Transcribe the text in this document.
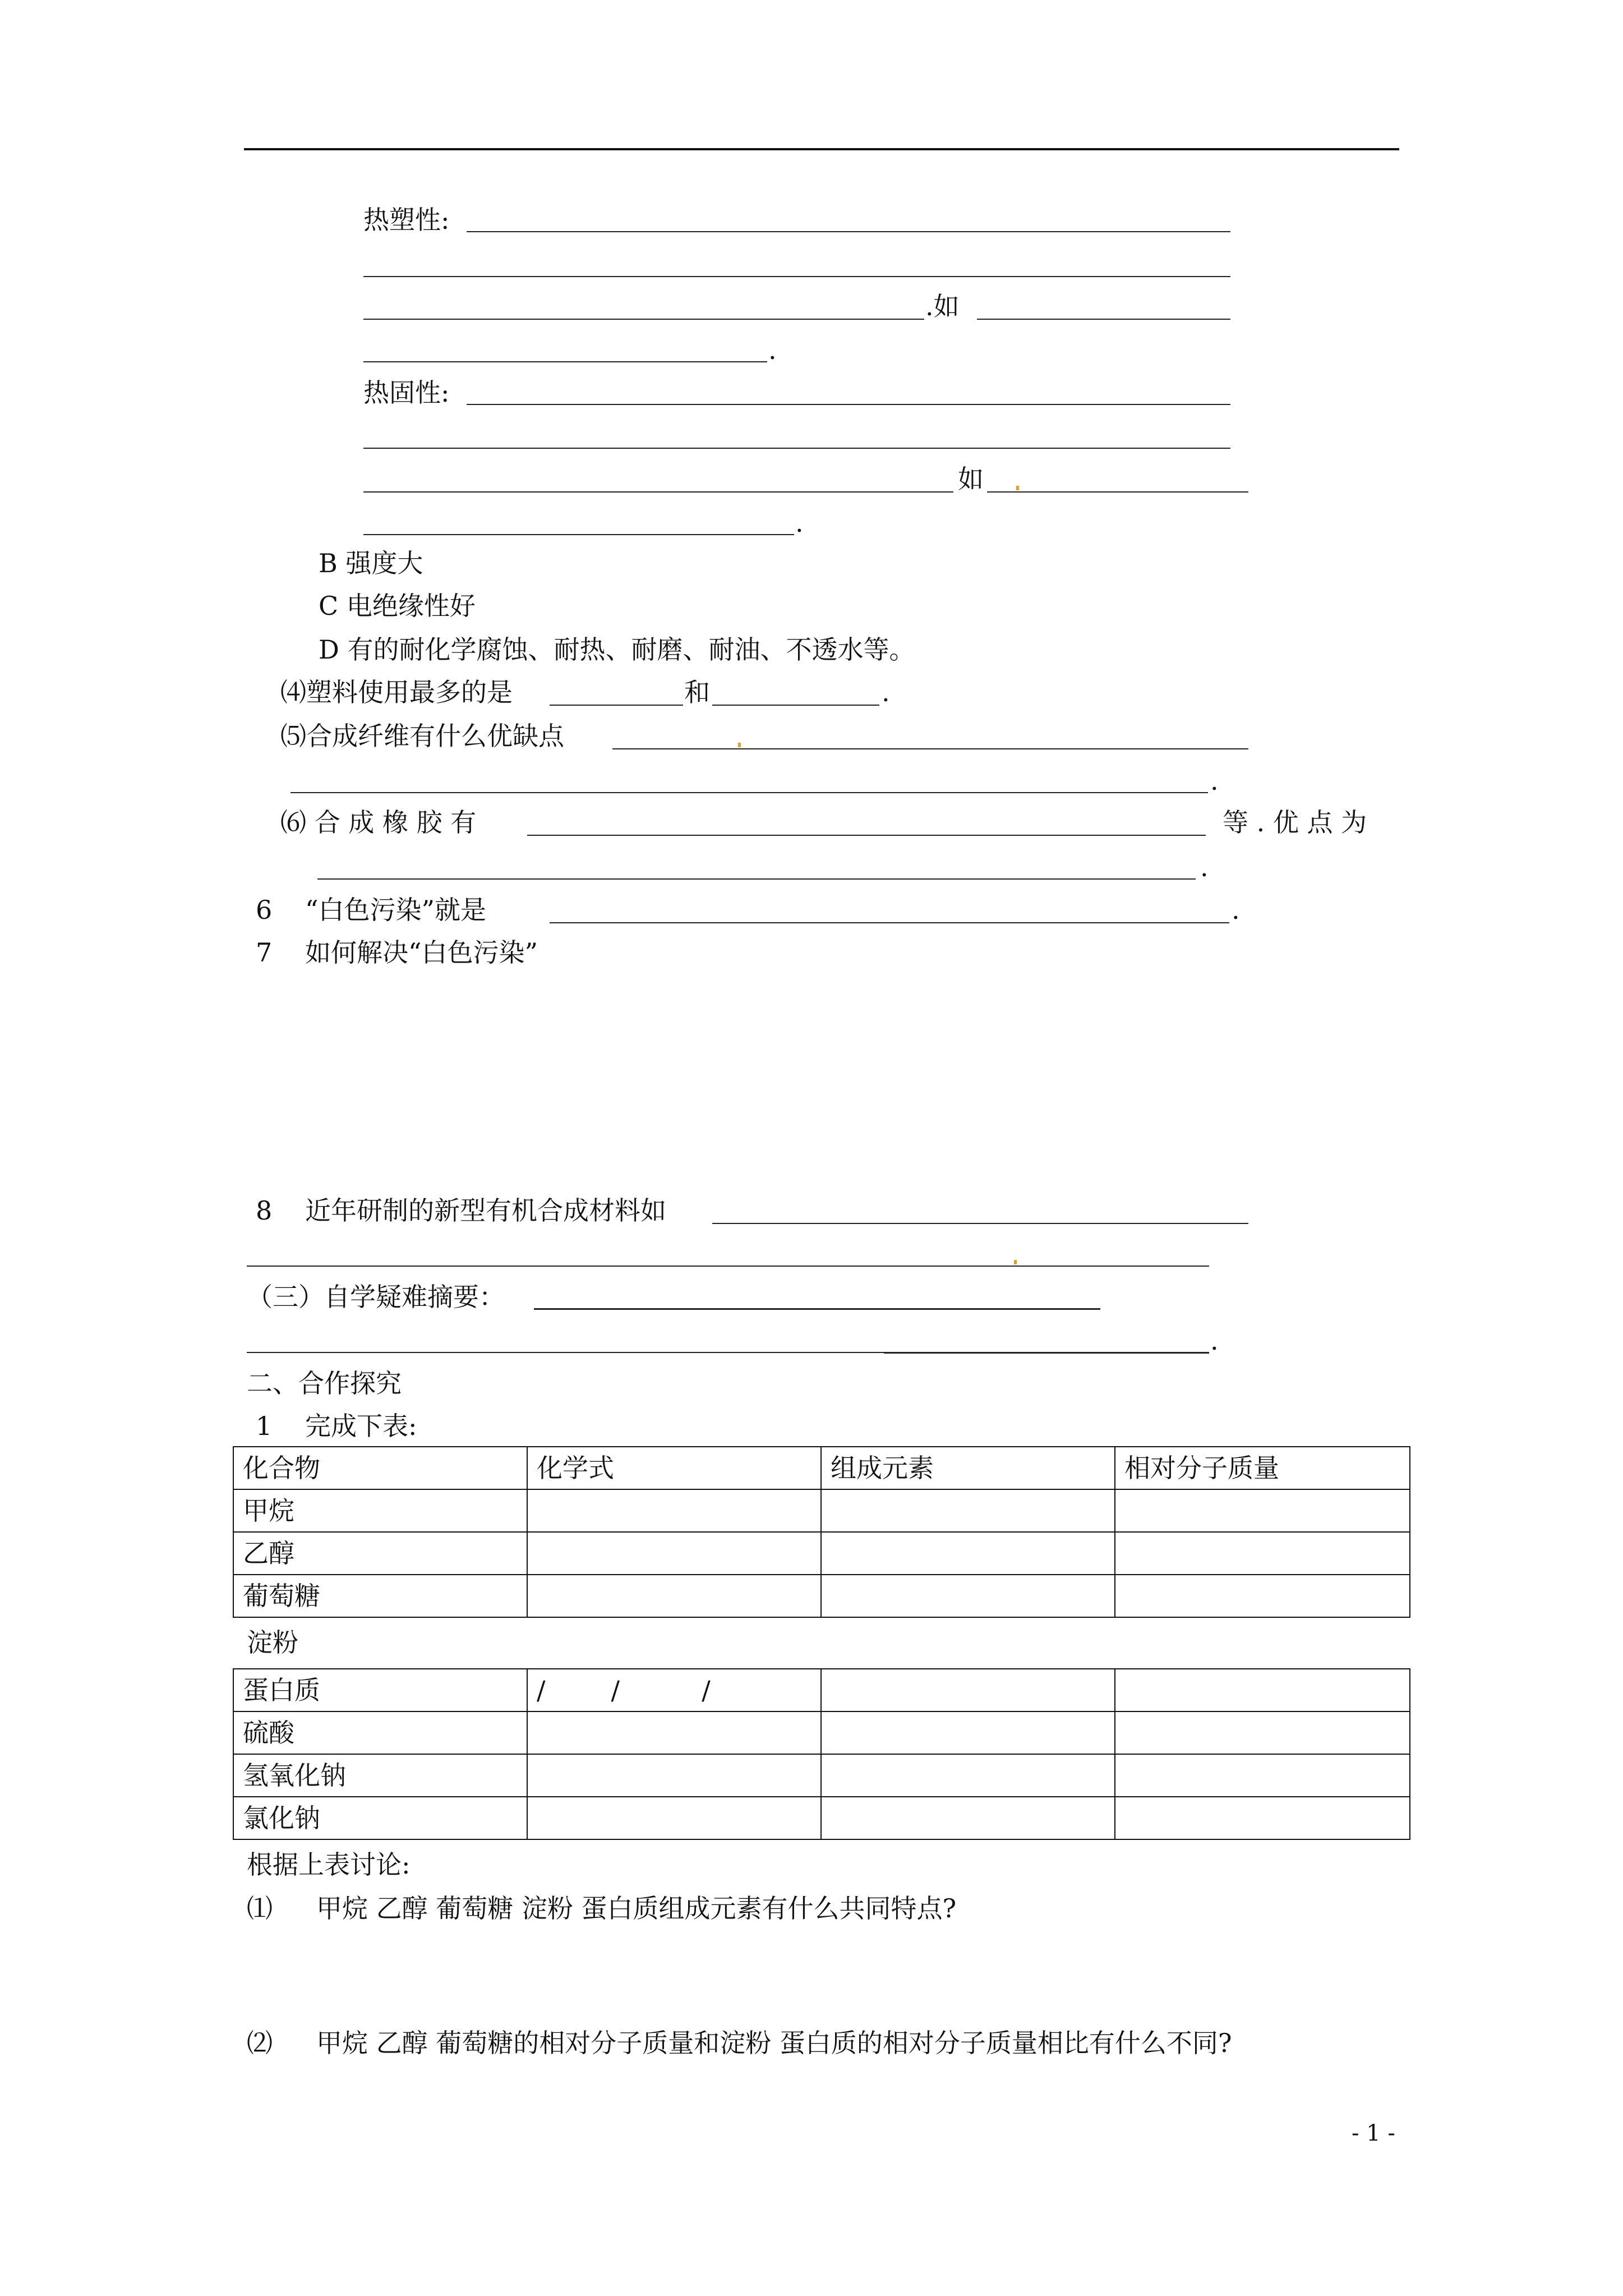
热塑性:
.如
.
热固性:
如
.
B 强度大
C 电绝缘性好
D 有的耐化学腐蚀、耐热、耐磨、耐油、不透水等。
⑷塑料使用最多的是	和	.
⑸合成纤维有什么优缺点
.
⑹ 合 成 橡 胶 有	等 . 优 点 为
.
6 “白色污染”就是	.
7 如何解决“白色污染”
8 近年研制的新型有机合成材料如
（三）自学疑难摘要：
.
二、合作探究
1 完成下表:
化合物	化学式	组成元素	相对分子质量
甲烷			
乙醇			
葡萄糖			
淀粉
蛋白质	/        /          /		
硫酸			
氢氧化钠			
氯化钠			
根据上表讨论:
⑴ 甲烷 乙醇 葡萄糖 淀粉 蛋白质组成元素有什么共同特点?
⑵ 甲烷 乙醇 葡萄糖的相对分子质量和淀粉 蛋白质的相对分子质量相比有什么不同?
- 1 -
